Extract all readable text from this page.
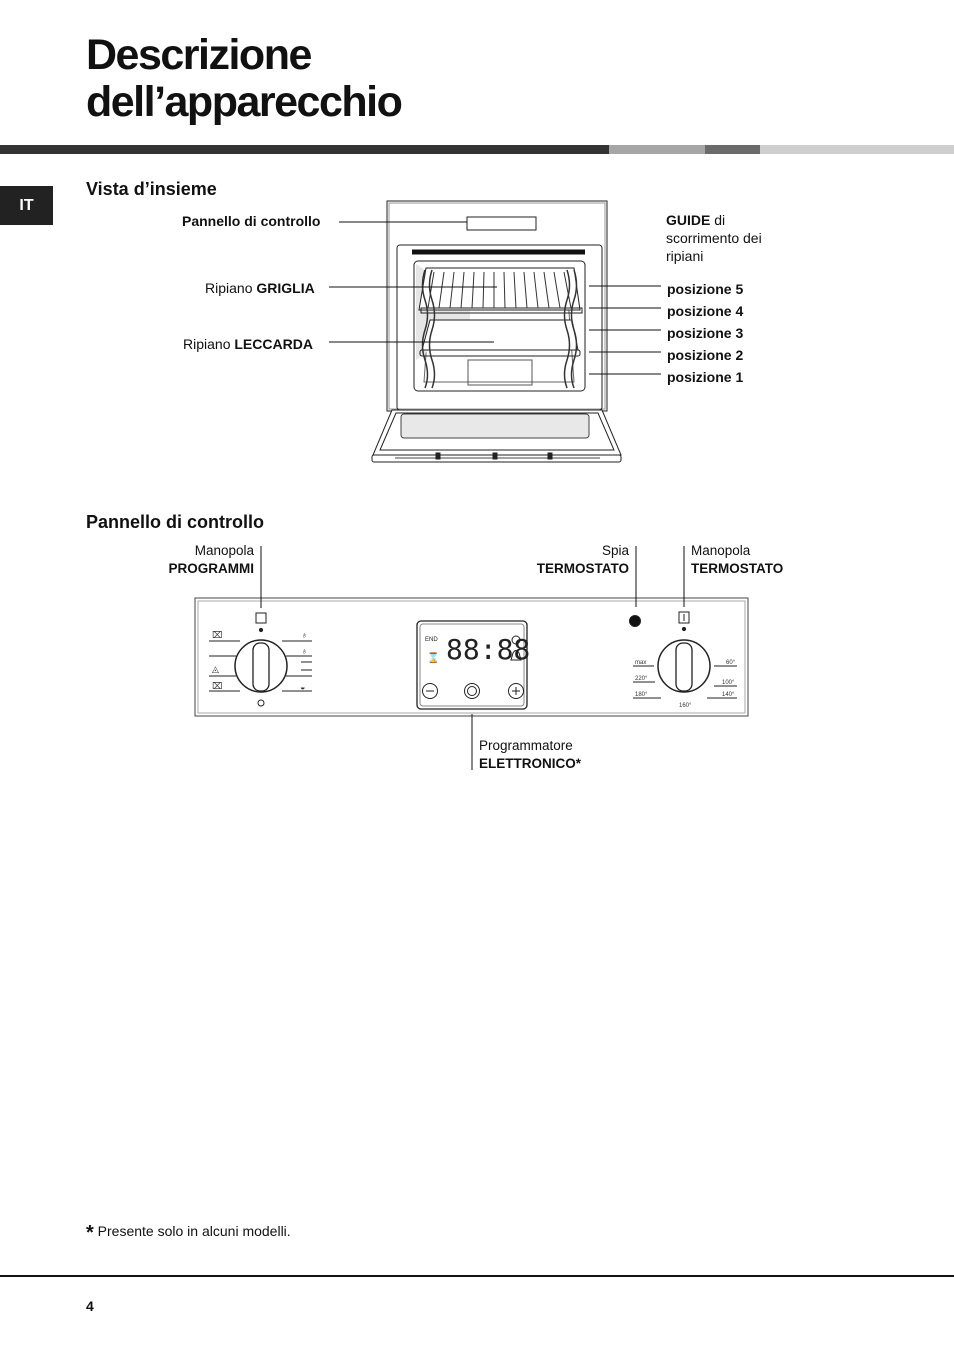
Descrizione
dell’apparecchio
IT
Vista d’insieme
⌧
◬
⌧
♁
♁
◒
⌛ 88:88
END
max
220°
180°
160°
140°
100°
60°
Pannello di controllo
Ripiano GRIGLIA
Ripiano LECCARDA
GUIDE di
scorrimento dei
ripiani
posizione 5
posizione 4
posizione 3
posizione 2
posizione 1
Pannello di controllo
Manopola
PROGRAMMI
Spia
TERMOSTATO
Manopola
TERMOSTATO
Programmatore
ELETTRONICO*
* Presente solo in alcuni modelli.
4
